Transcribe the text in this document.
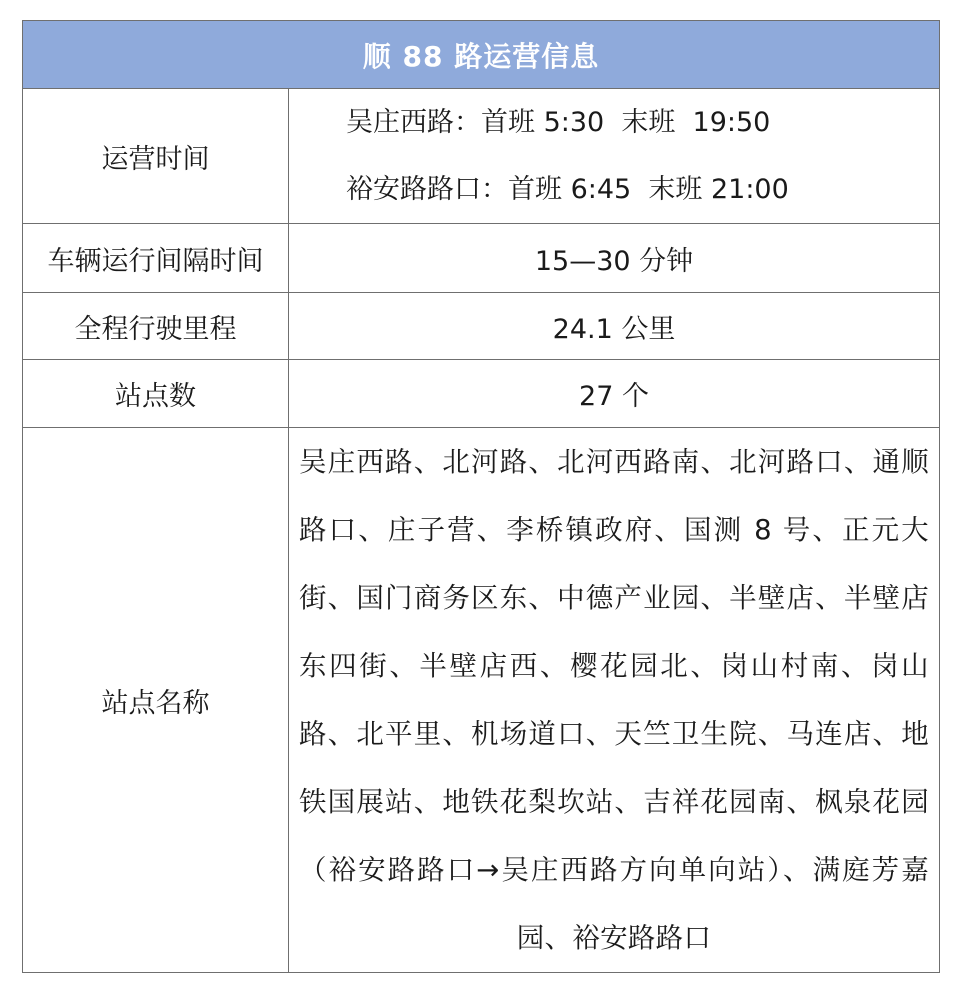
顺 88 路运营信息	
运营时间	吴庄西路：首班 5:30  末班  19:50
裕安路路口：首班 6:45  末班 21:00

车辆运行间隔时间	15—30 分钟
全程行驶里程	24.1 公里
站点数	27 个
站点名称	吴庄西路、北河路、北河西路南、北河路口、通顺路口、庄子营、李桥镇政府、国测 8 号、正元大街、国门商务区东、中德产业园、半壁店、半壁店东四街、半壁店西、樱花园北、岗山村南、岗山路、北平里、机场道口、天竺卫生院、马连店、地铁国展站、地铁花梨坎站、吉祥花园南、枫泉花园（裕安路路口→吴庄西路方向单向站）、满庭芳嘉园、裕安路路口
